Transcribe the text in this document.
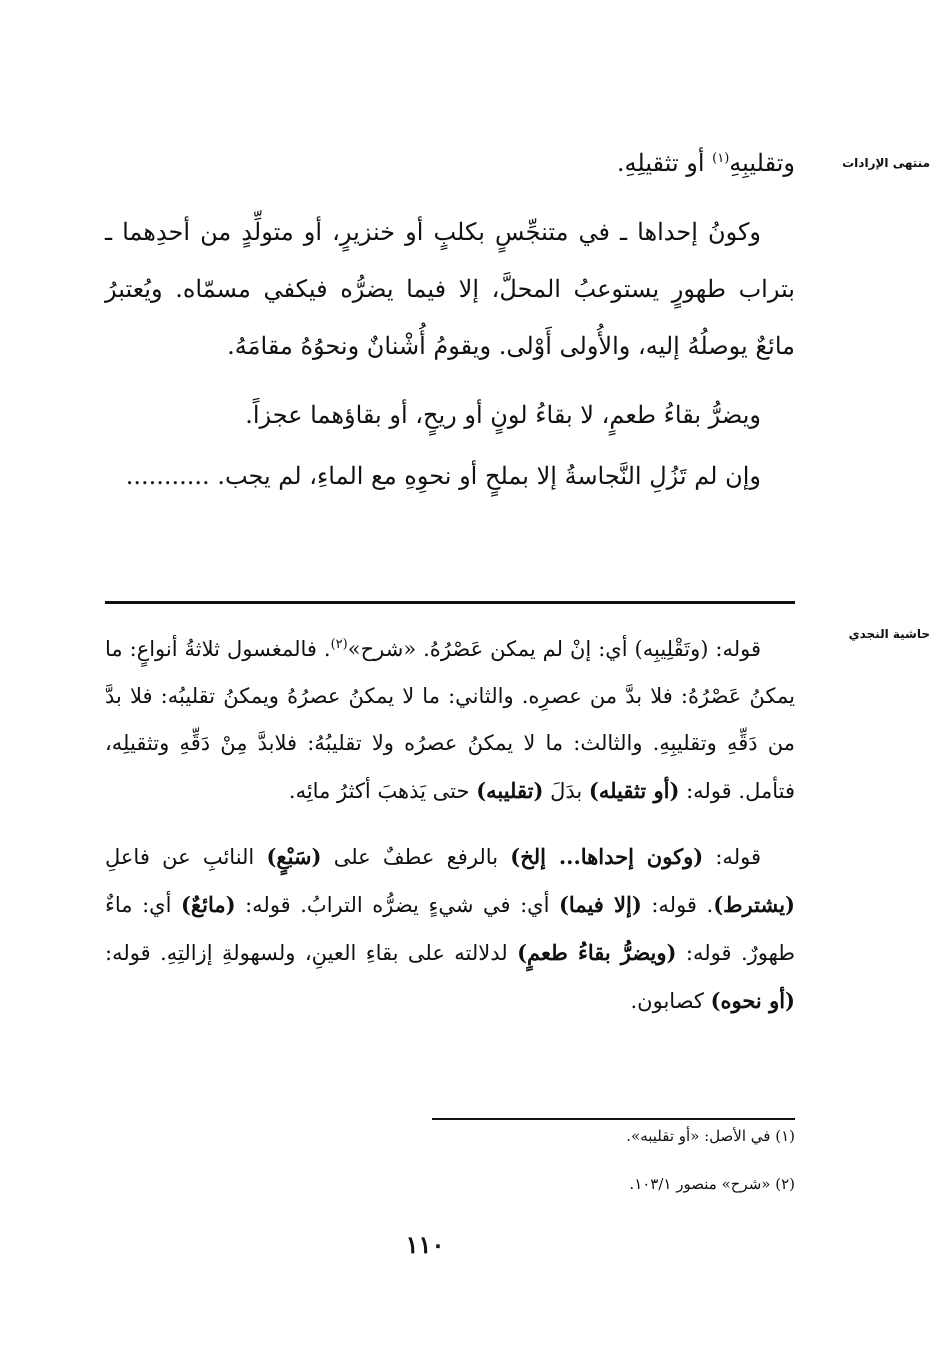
منتهى الإرادات
حاشية النجدي

وتقليبِهِ$^{(١)}$ أو تثقيلِهِ.

وكونُ إحداها ـ في متنجِّسٍ بكلبٍ أو خنزيرٍ، أو متولِّدٍ من أحدِهما ـ بتراب طهورٍ يستوعبُ المحلَّ، إلا فيما يضرُّه فيكفي مسمّاه. ويُعتبرُ مائعٌ يوصلُهُ إليه، والأُولى أَوْلى. ويقومُ أُشْنانٌ ونحوُهُ مقامَهُ.

ويضرُّ بقاءُ طعمٍ، لا بقاءُ لونٍ أو ريحٍ، أو بقاؤهما عجزاً.

وإن لم تَزُلِ النَّجاسةُ إلا بملحٍ أو نحوِهِ مع الماءِ، لم يجب. ...........

قوله: (وتَقْلِيبِه) أي: إنْ لم يمكن عَصْرُهُ. «شرح»$^{(٢)}$. فالمغسول ثلاثةُ أنواعٍ: ما يمكنُ عَصْرُهُ: فلا بدَّ من عصرِه. والثاني: ما لا يمكنُ عصرُهُ ويمكنُ تقليبُه: فلا بدَّ من دَقِّهِ وتقليبِهِ. والثالث: ما لا يمكنُ عصرُه ولا تقليبُهُ: فلابدَّ مِنْ دَقِّهِ وتثقيلِه، فتأمل. قوله: (أو تثقيله) بدَلَ (تقليبه) حتى يَذهبَ أكثرُ مائِه.

قوله: (وكون إحداها... إلخ) بالرفع عطفٌ على (سَبْعٍ) النائبِ عن فاعلِ (يشترط). قوله: (إلا فيما) أي: في شيءٍ يضرُّه الترابُ. قوله: (مائعٌ) أي: ماءٌ طهورٌ. قوله: (ويضرُّ بقاءُ طعمٍ) لدلالته على بقاءِ العينِ، ولسهولةِ إزالتِهِ. قوله: (أو نحوه) كصابون.

(١) في الأصل: «أو تقليبه».

(٢) «شرح» منصور ١٠٣/١.

١١٠
